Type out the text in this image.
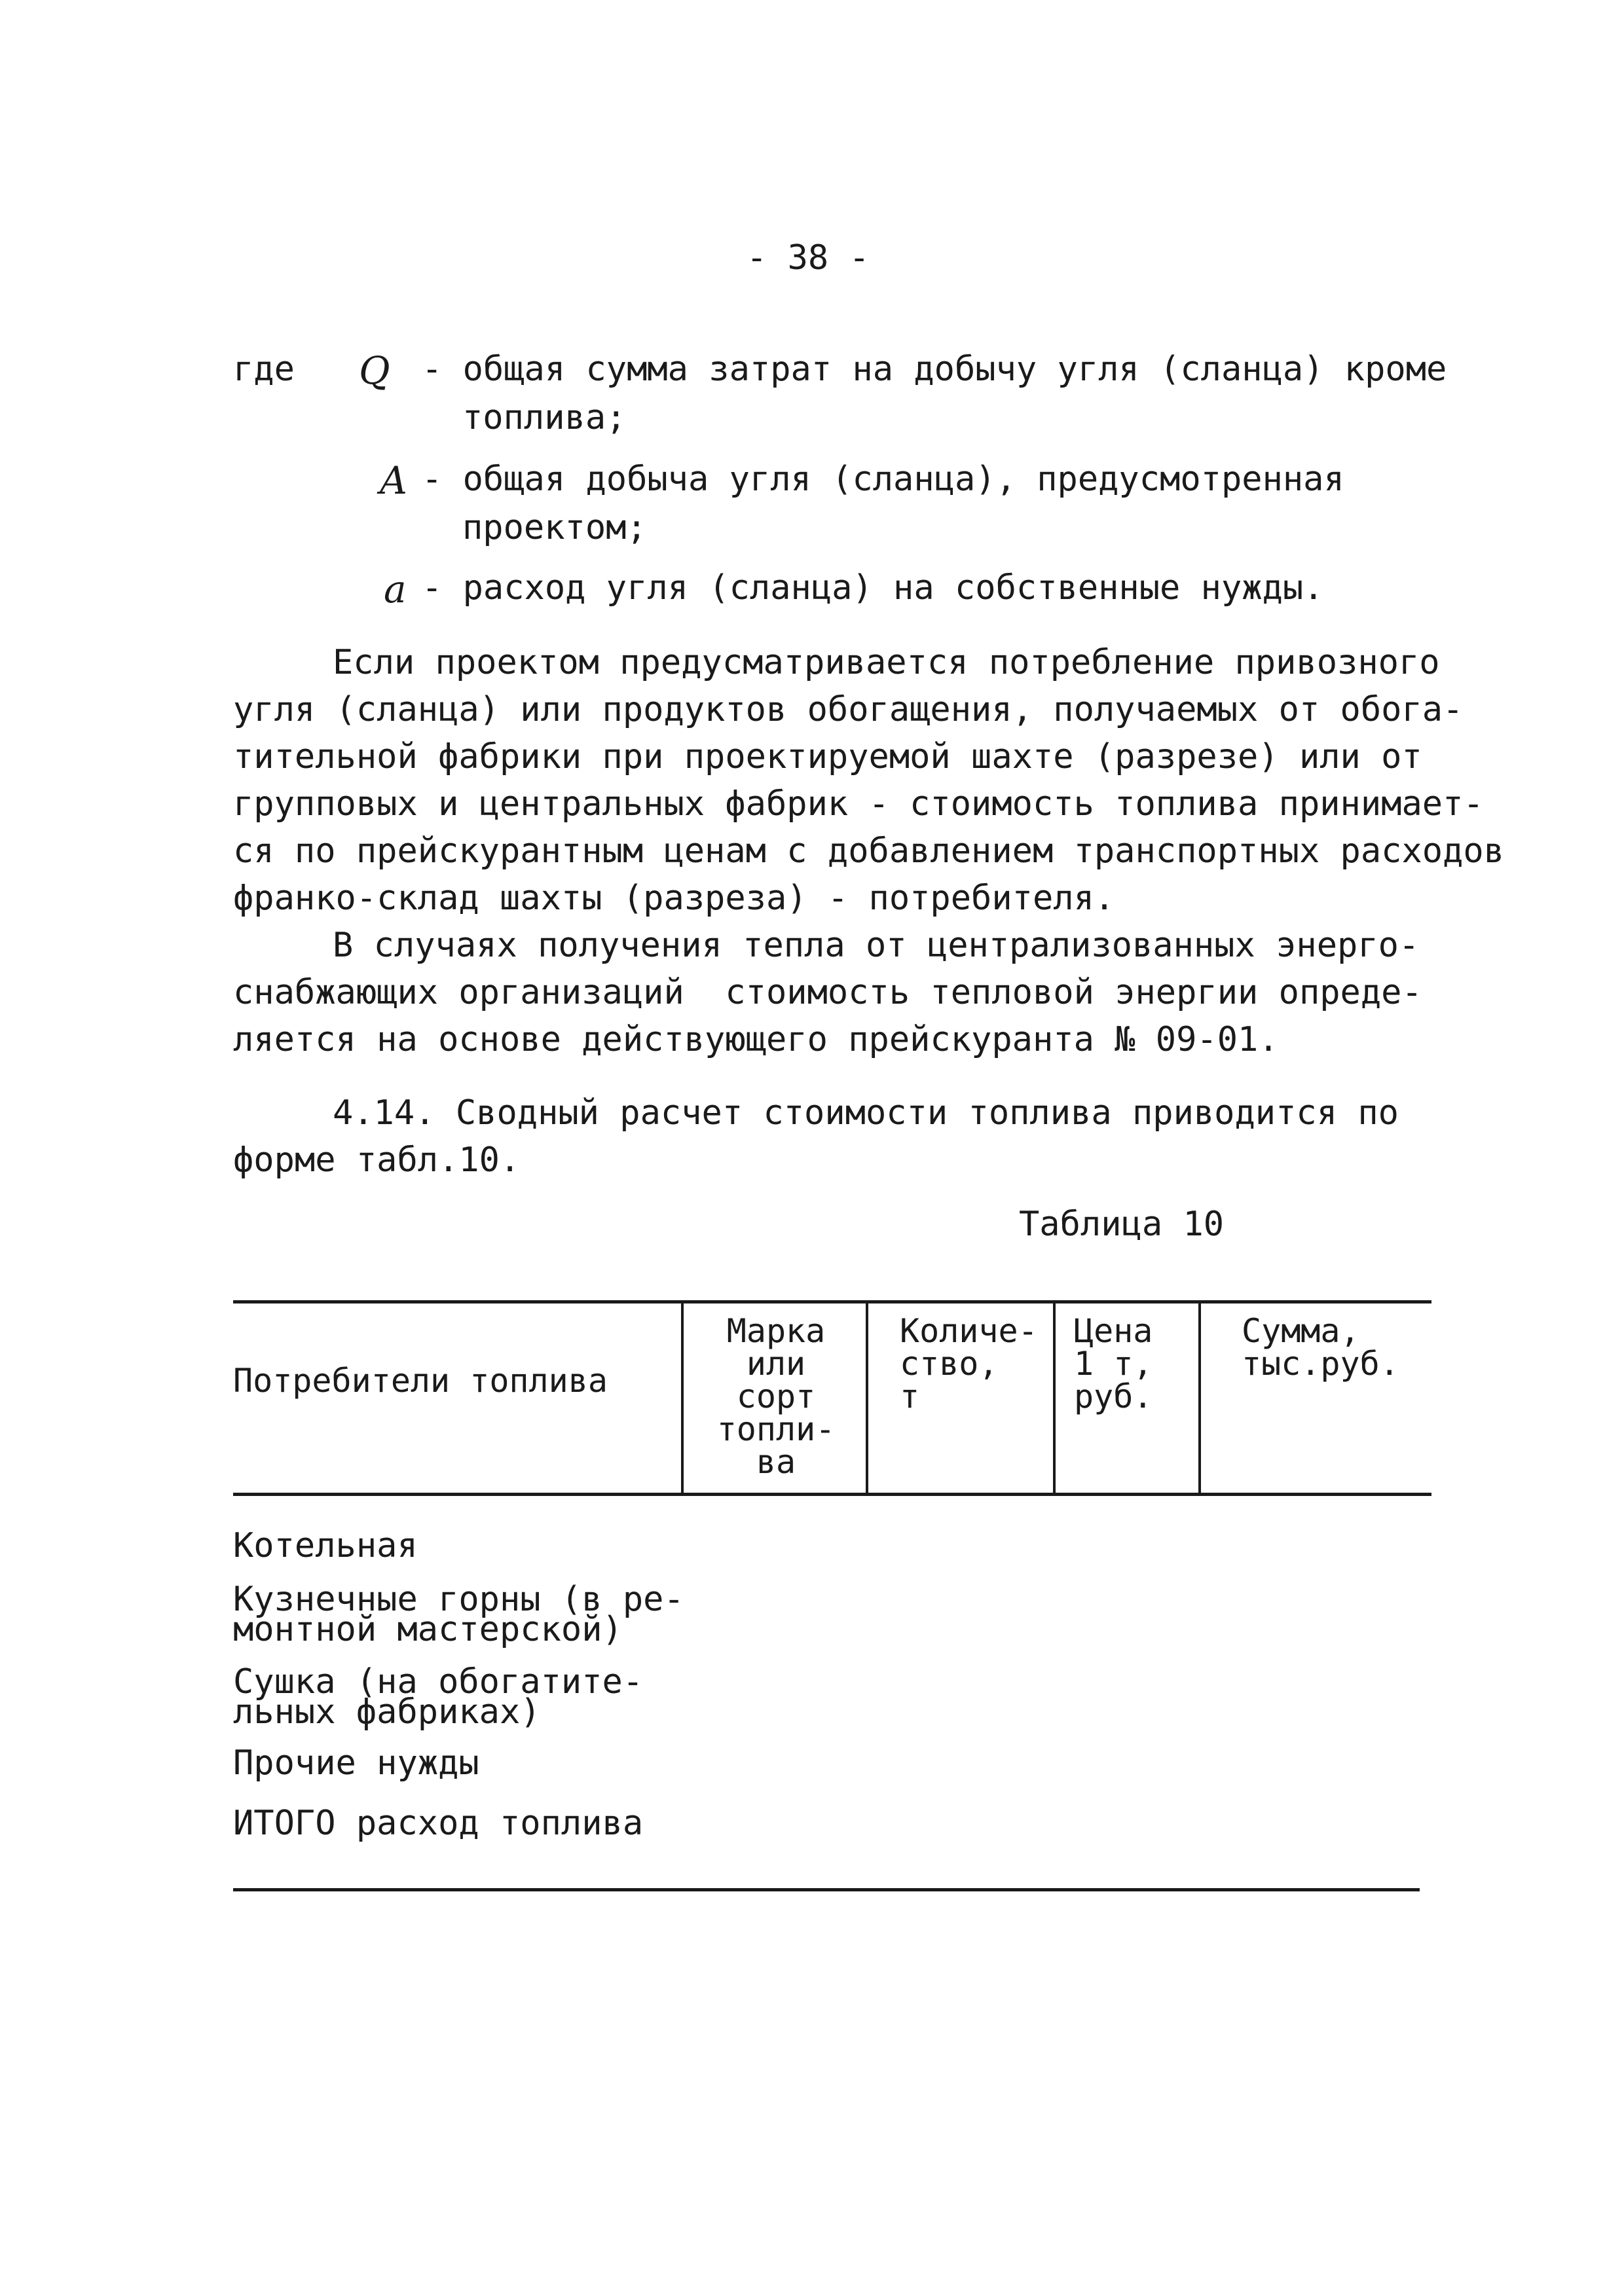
- 38 -
где Q - общая сумма затрат на добычу угля (сланца) кроме
топлива;
A - общая добыча угля (сланца), предусмотренная
проектом;
a - расход угля (сланца) на собственные нужды.
Если проектом предусматривается потребление привозного
угля (сланца) или продуктов обогащения, получаемых от обога-
тительной фабрики при проектируемой шахте (разрезе) или от
групповых и центральных фабрик - стоимость топлива принимает-
ся по прейскурантным ценам с добавлением транспортных расходов
франко-склад шахты (разреза) - потребителя.
В случаях получения тепла от централизованных энерго-
снабжающих организаций  стоимость тепловой энергии опреде-
ляется на основе действующего прейскуранта № 09-01.
4.14. Сводный расчет стоимости топлива приводится по
форме табл.10.
Таблица 10
Потребители топлива
Марка
или
сорт
топли-
ва
Количе-
ство,
т
Цена
1 т,
руб.
Сумма,
тыс.руб.
Котельная
Кузнечные горны (в ре-
монтной мастерской)
Сушка (на обогатите-
льных фабриках)
Прочие нужды
ИТОГО расход топлива
